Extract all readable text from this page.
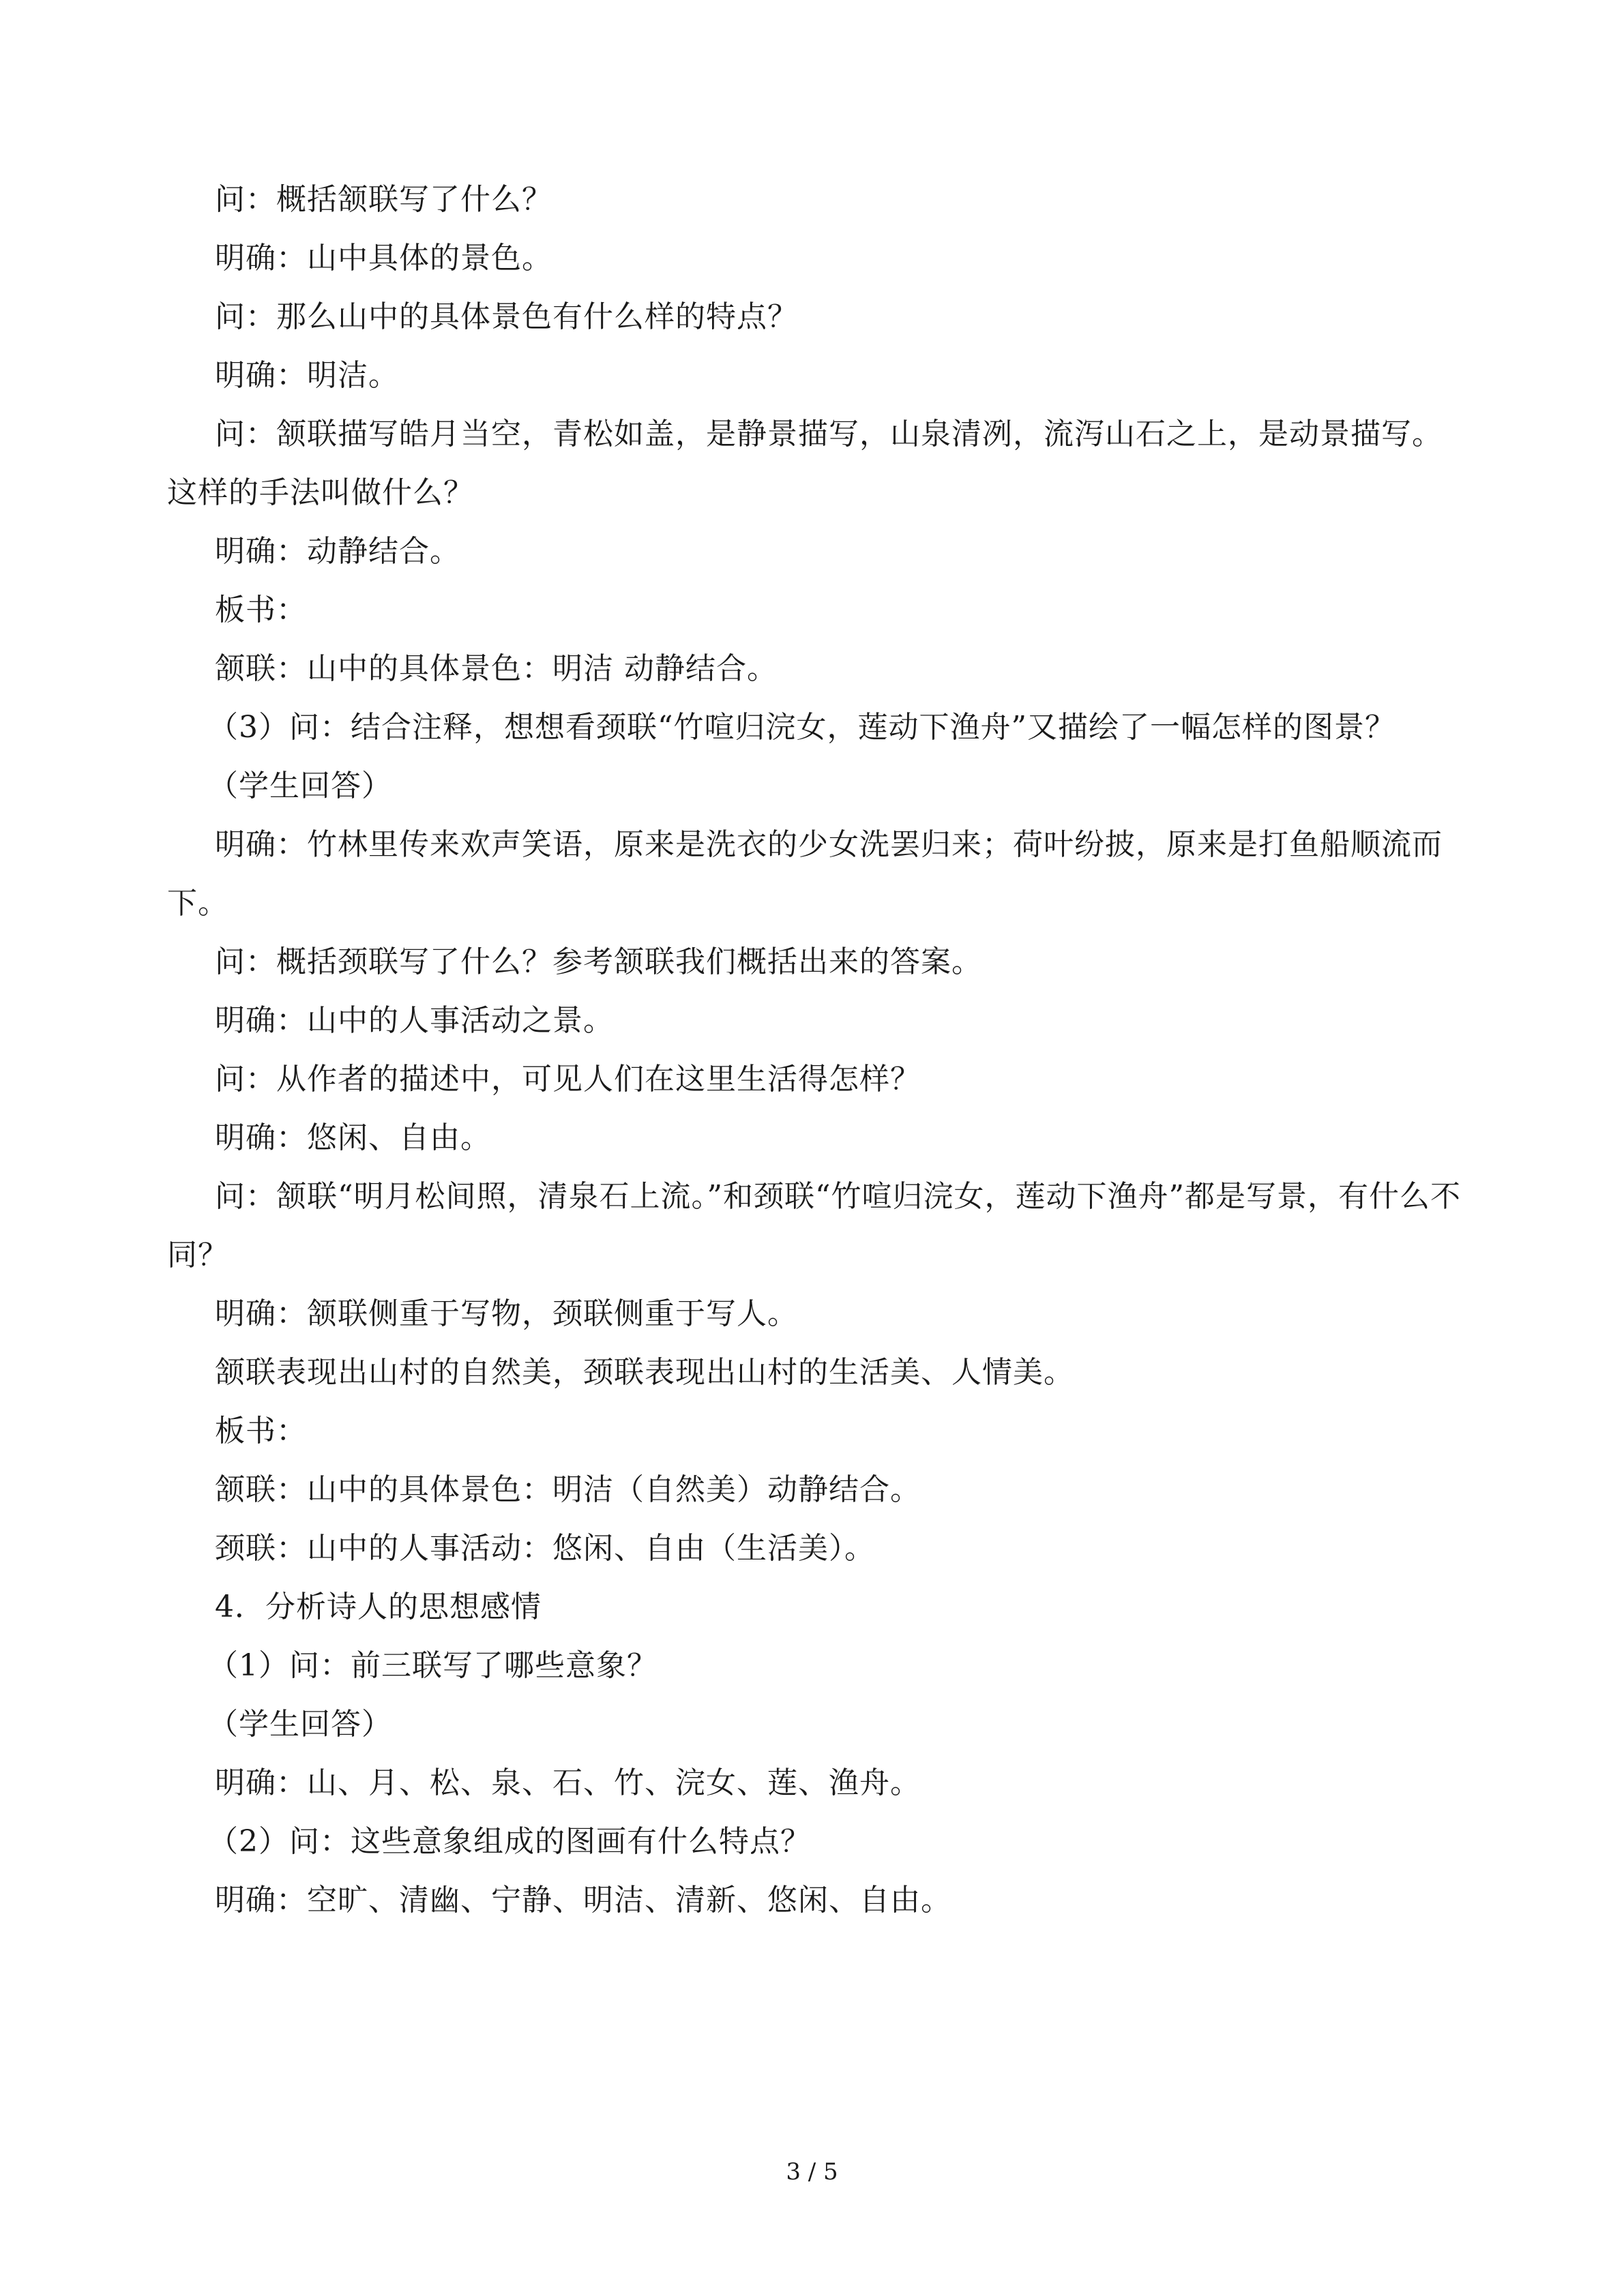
问：概括颔联写了什么？

明确：山中具体的景色。

问：那么山中的具体景色有什么样的特点？

明确：明洁。

问：颔联描写皓月当空，青松如盖，是静景描写，山泉清冽，流泻山石之上，是动景描写。这样的手法叫做什么？

明确：动静结合。

板书：

颔联：山中的具体景色：明洁 动静结合。

（3）问：结合注释，想想看颈联“竹喧归浣女，莲动下渔舟”又描绘了一幅怎样的图景？

（学生回答）

明确：竹林里传来欢声笑语，原来是洗衣的少女洗罢归来；荷叶纷披，原来是打鱼船顺流而下。

问：概括颈联写了什么？参考颔联我们概括出来的答案。

明确：山中的人事活动之景。

问：从作者的描述中，可见人们在这里生活得怎样？

明确：悠闲、自由。

问：颔联“明月松间照，清泉石上流。”和颈联“竹喧归浣女，莲动下渔舟”都是写景，有什么不同？

明确：颔联侧重于写物，颈联侧重于写人。

颔联表现出山村的自然美，颈联表现出山村的生活美、人情美。

板书：

颔联：山中的具体景色：明洁（自然美）动静结合。

颈联：山中的人事活动：悠闲、自由（生活美）。

4．分析诗人的思想感情

（1）问：前三联写了哪些意象？

（学生回答）

明确：山、月、松、泉、石、竹、浣女、莲、渔舟。

（2）问：这些意象组成的图画有什么特点？

明确：空旷、清幽、宁静、明洁、清新、悠闲、自由。

3 / 5
